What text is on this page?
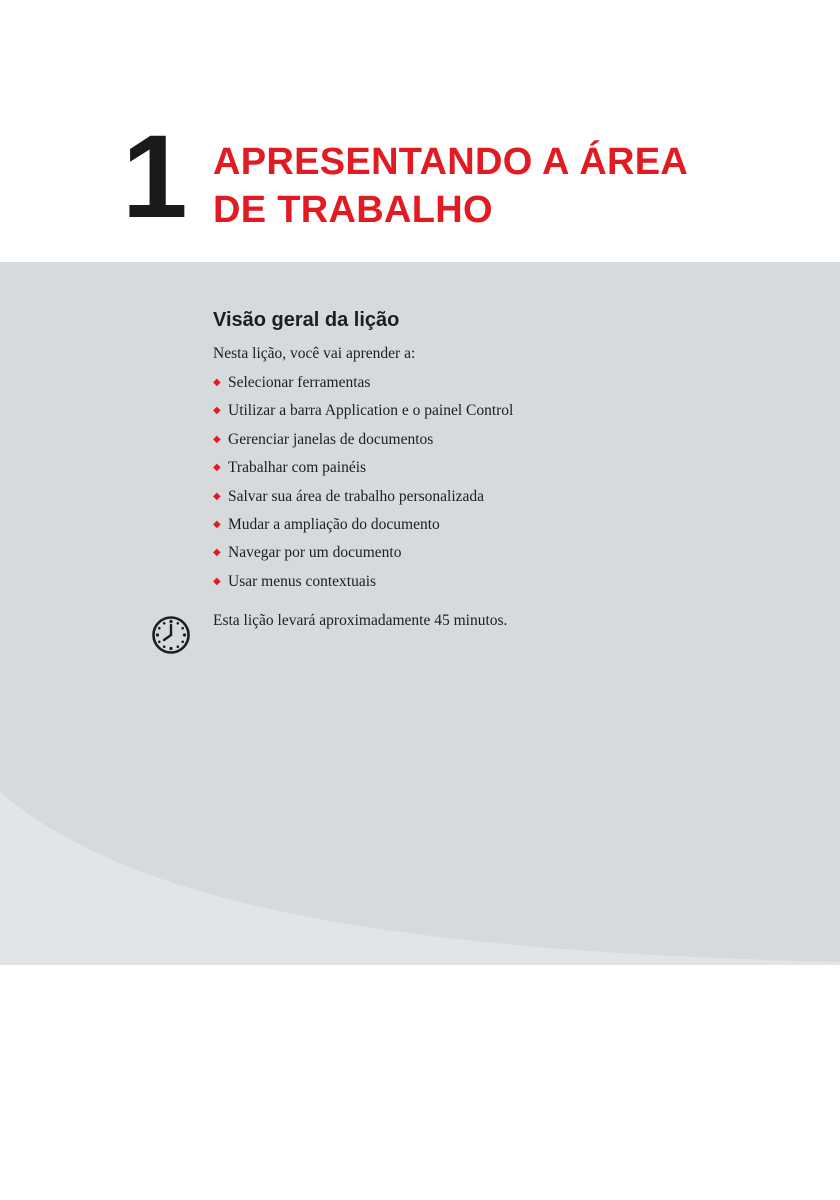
1 APRESENTANDO A ÁREA
DE TRABALHO
Visão geral da lição

Nesta lição, você vai aprender a:

◆ Selecionar ferramentas
◆ Utilizar a barra Application e o painel Control
◆ Gerenciar janelas de documentos
◆ Trabalhar com painéis
◆ Salvar sua área de trabalho personalizada
◆ Mudar a ampliação do documento
◆ Navegar por um documento
◆ Usar menus contextuais

Esta lição levará aproximadamente 45 minutos.
